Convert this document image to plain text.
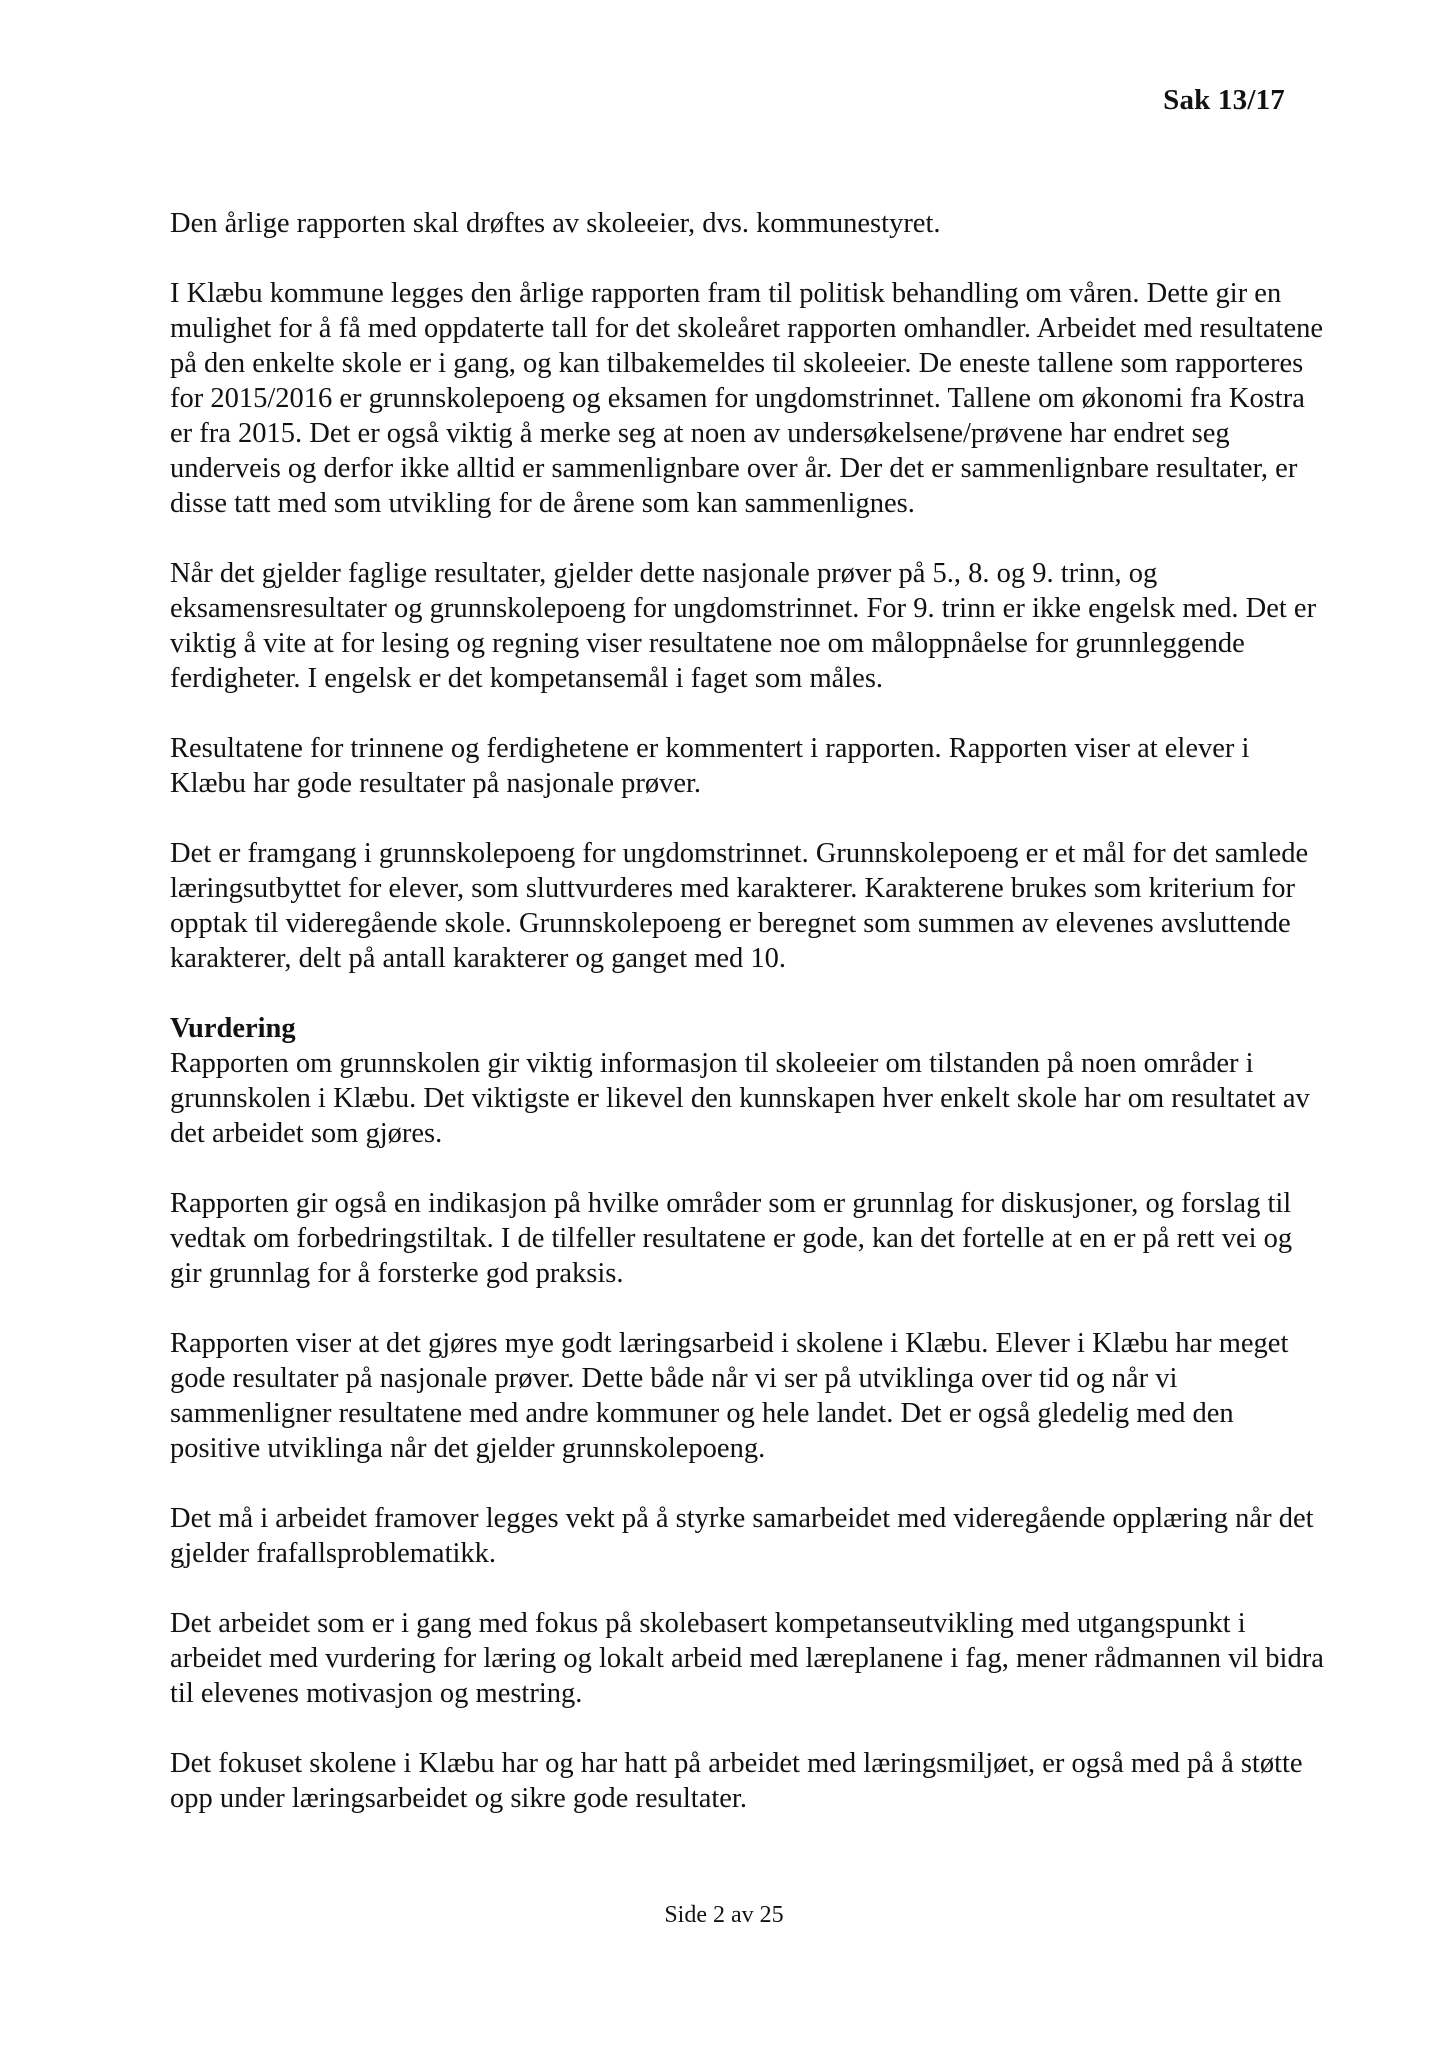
Sak 13/17

Den årlige rapporten skal drøftes av skoleeier, dvs. kommunestyret.

I Klæbu kommune legges den årlige rapporten fram til politisk behandling om våren. Dette gir en mulighet for å få med oppdaterte tall for det skoleåret rapporten omhandler. Arbeidet med resultatene på den enkelte skole er i gang, og kan tilbakemeldes til skoleeier. De eneste tallene som rapporteres for 2015/2016 er grunnskolepoeng og eksamen for ungdomstrinnet. Tallene om økonomi fra Kostra er fra 2015. Det er også viktig å merke seg at noen av undersøkelsene/prøvene har endret seg underveis og derfor ikke alltid er sammenlignbare over år. Der det er sammenlignbare resultater, er disse tatt med som utvikling for de årene som kan sammenlignes.

Når det gjelder faglige resultater, gjelder dette nasjonale prøver på 5., 8. og 9. trinn, og eksamensresultater og grunnskolepoeng for ungdomstrinnet. For 9. trinn er ikke engelsk med. Det er viktig å vite at for lesing og regning viser resultatene noe om måloppnåelse for grunnleggende ferdigheter. I engelsk er det kompetansemål i faget som måles.

Resultatene for trinnene og ferdighetene er kommentert i rapporten. Rapporten viser at elever i Klæbu har gode resultater på nasjonale prøver.

Det er framgang i grunnskolepoeng for ungdomstrinnet. Grunnskolepoeng er et mål for det samlede læringsutbyttet for elever, som sluttvurderes med karakterer. Karakterene brukes som kriterium for opptak til videregående skole. Grunnskolepoeng er beregnet som summen av elevenes avsluttende karakterer, delt på antall karakterer og ganget med 10.

Vurdering

Rapporten om grunnskolen gir viktig informasjon til skoleeier om tilstanden på noen områder i grunnskolen i Klæbu. Det viktigste er likevel den kunnskapen hver enkelt skole har om resultatet av det arbeidet som gjøres.

Rapporten gir også en indikasjon på hvilke områder som er grunnlag for diskusjoner, og forslag til vedtak om forbedringstiltak. I de tilfeller resultatene er gode, kan det fortelle at en er på rett vei og gir grunnlag for å forsterke god praksis.

Rapporten viser at det gjøres mye godt læringsarbeid i skolene i Klæbu. Elever i Klæbu har meget gode resultater på nasjonale prøver. Dette både når vi ser på utviklinga over tid og når vi sammenligner resultatene med andre kommuner og hele landet. Det er også gledelig med den positive utviklinga når det gjelder grunnskolepoeng.

Det må i arbeidet framover legges vekt på å styrke samarbeidet med videregående opplæring når det gjelder frafallsproblematikk.

Det arbeidet som er i gang med fokus på skolebasert kompetanseutvikling med utgangspunkt i arbeidet med vurdering for læring og lokalt arbeid med læreplanene i fag, mener rådmannen vil bidra til elevenes motivasjon og mestring.

Det fokuset skolene i Klæbu har og har hatt på arbeidet med læringsmiljøet, er også med på å støtte opp under læringsarbeidet og sikre gode resultater.

Side 2 av 25
